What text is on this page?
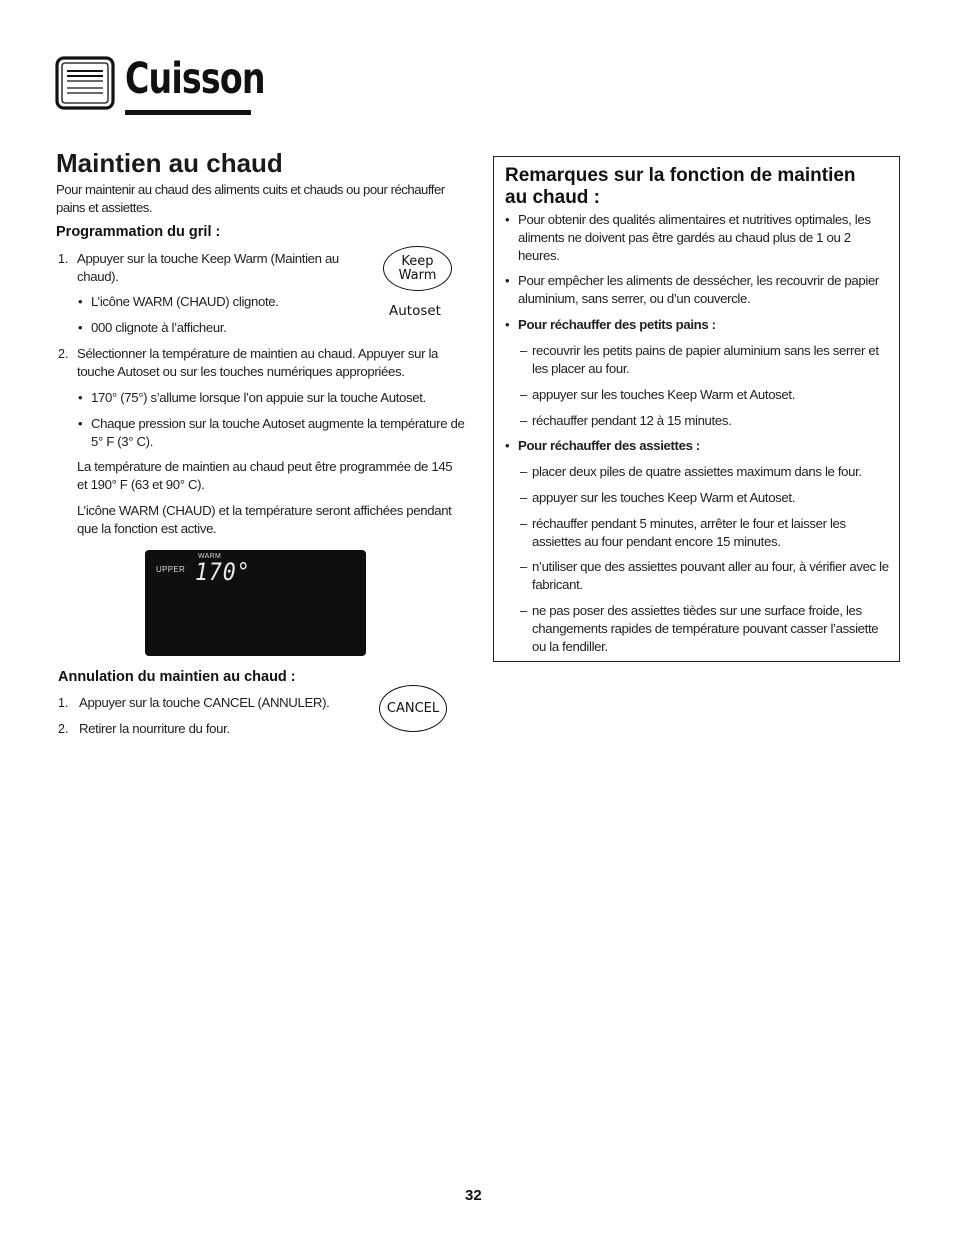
Cuisson
Maintien au chaud
Pour maintenir au chaud des aliments cuits et chauds ou pour réchauffer pains et assiettes.
Programmation du gril :
1. Appuyer sur la touche Keep Warm (Maintien au chaud).
• L’icône WARM (CHAUD) clignote.
• 000 clignote à l’afficheur.
Keep
Warm
Autoset
2. Sélectionner la température de maintien au chaud. Appuyer sur la touche Autoset ou sur les touches numériques appropriées.
• 170° (75°) s’allume lorsque l’on appuie sur la touche Autoset.
• Chaque pression sur la touche Autoset augmente la température de 5° F (3° C).
La température de maintien au chaud peut être programmée de 145 et 190° F (63 et 90° C).
L’icône WARM (CHAUD) et la température seront affichées pendant que la fonction est active.
WARM
UPPER 170°
Annulation du maintien au chaud :
1. Appuyer sur la touche CANCEL (ANNULER).
2. Retirer la nourriture du four.
CANCEL
Remarques sur la fonction de maintien au chaud :
• Pour obtenir des qualités alimentaires et nutritives optimales, les aliments ne doivent pas être gardés au chaud plus de 1 ou 2 heures.
• Pour empêcher les aliments de dessécher, les recouvrir de papier aluminium, sans serrer, ou d’un couvercle.
• Pour réchauffer des petits pains :
– recouvrir les petits pains de papier aluminium sans les serrer et les placer au four.
– appuyer sur les touches Keep Warm et Autoset.
– réchauffer pendant 12 à 15 minutes.
• Pour réchauffer des assiettes :
– placer deux piles de quatre assiettes maximum dans le four.
– appuyer sur les touches Keep Warm et Autoset.
– réchauffer pendant 5 minutes, arrêter le four et laisser les assiettes au four pendant encore 15 minutes.
– n’utiliser que des assiettes pouvant aller au four, à vérifier avec le fabricant.
– ne pas poser des assiettes tièdes sur une surface froide, les changements rapides de température pouvant casser l’assiette ou la fendiller.
32
